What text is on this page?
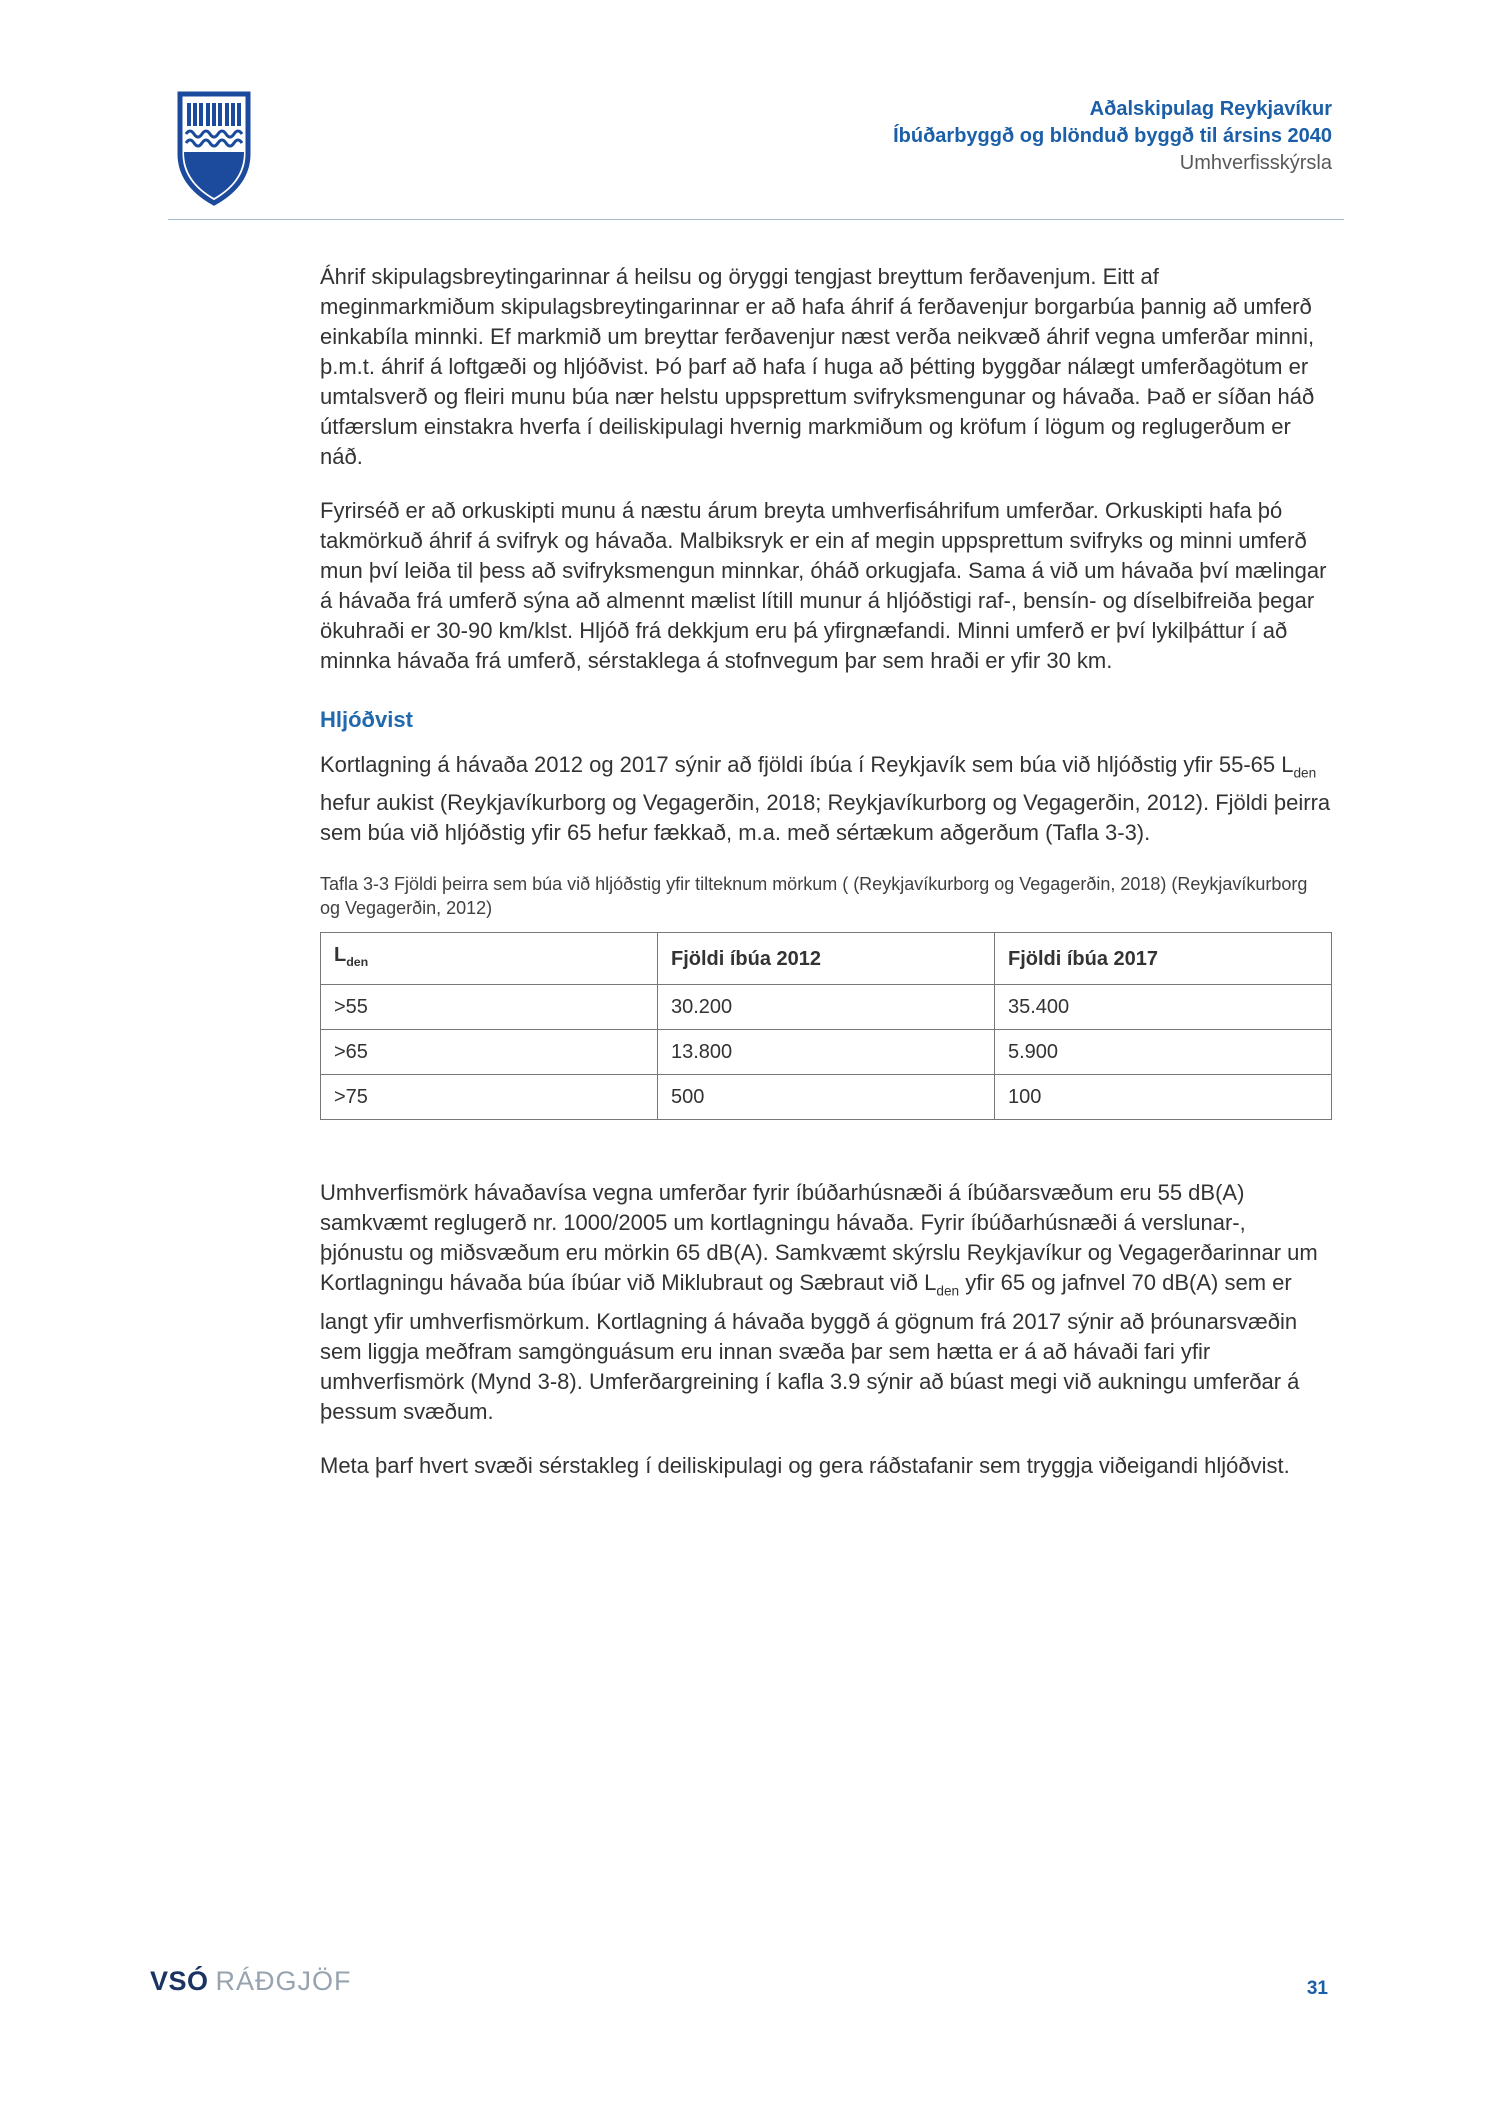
Aðalskipulag Reykjavíkur
Íbúðarbyggð og blönduð byggð til ársins 2040
Umhverfisskýrsla

Áhrif skipulagsbreytingarinnar á heilsu og öryggi tengjast breyttum ferðavenjum. Eitt af meginmarkmiðum skipulagsbreytingarinnar er að hafa áhrif á ferðavenjur borgarbúa þannig að umferð einkabíla minnki. Ef markmið um breyttar ferðavenjur næst verða neikvæð áhrif vegna umferðar minni, þ.m.t. áhrif á loftgæði og hljóðvist. Þó þarf að hafa í huga að þétting byggðar nálægt umferðagötum er umtalsverð og fleiri munu búa nær helstu uppsprettum svifryksmengunar og hávaða. Það er síðan háð útfærslum einstakra hverfa í deiliskipulagi hvernig markmiðum og kröfum í lögum og reglugerðum er náð.

Fyrirséð er að orkuskipti munu á næstu árum breyta umhverfisáhrifum umferðar. Orkuskipti hafa þó takmörkuð áhrif á svifryk og hávaða. Malbiksryk er ein af megin uppsprettum svifryks og minni umferð mun því leiða til þess að svifryksmengun minnkar, óháð orkugjafa. Sama á við um hávaða því mælingar á hávaða frá umferð sýna að almennt mælist lítill munur á hljóðstigi raf-, bensín- og díselbifreiða þegar ökuhraði er 30-90 km/klst. Hljóð frá dekkjum eru þá yfirgnæfandi. Minni umferð er því lykilþáttur í að minnka hávaða frá umferð, sérstaklega á stofnvegum þar sem hraði er yfir 30 km.

Hljóðvist

Kortlagning á hávaða 2012 og 2017 sýnir að fjöldi íbúa í Reykjavík sem búa við hljóðstig yfir 55-65 $L_{den}$ hefur aukist (Reykjavíkurborg og Vegagerðin, 2018; Reykjavíkurborg og Vegagerðin, 2012). Fjöldi þeirra sem búa við hljóðstig yfir 65 hefur fækkað, m.a. með sértækum aðgerðum (Tafla 3-3).

Tafla 3-3 Fjöldi þeirra sem búa við hljóðstig yfir tilteknum mörkum ( (Reykjavíkurborg og Vegagerðin, 2018) (Reykjavíkurborg og Vegagerðin, 2012)

$L_{den}$	Fjöldi íbúa 2012	Fjöldi íbúa 2017
>55	30.200	35.400
>65	13.800	5.900
>75	500	100

Umhverfismörk hávaðavísa vegna umferðar fyrir íbúðarhúsnæði á íbúðarsvæðum eru 55 dB(A) samkvæmt reglugerð nr. 1000/2005 um kortlagningu hávaða. Fyrir íbúðarhúsnæði á verslunar-, þjónustu og miðsvæðum eru mörkin 65 dB(A). Samkvæmt skýrslu Reykjavíkur og Vegagerðarinnar um Kortlagningu hávaða búa íbúar við Miklubraut og Sæbraut við $L_{den}$ yfir 65 og jafnvel 70 dB(A) sem er langt yfir umhverfismörkum. Kortlagning á hávaða byggð á gögnum frá 2017 sýnir að þróunarsvæðin sem liggja meðfram samgönguásum eru innan svæða þar sem hætta er á að hávaði fari yfir umhverfismörk (Mynd 3-8). Umferðargreining í kafla 3.9 sýnir að búast megi við aukningu umferðar á þessum svæðum.

Meta þarf hvert svæði sérstakleg í deiliskipulagi og gera ráðstafanir sem tryggja viðeigandi hljóðvist.

VSÓ RÁÐGJÖF	31
